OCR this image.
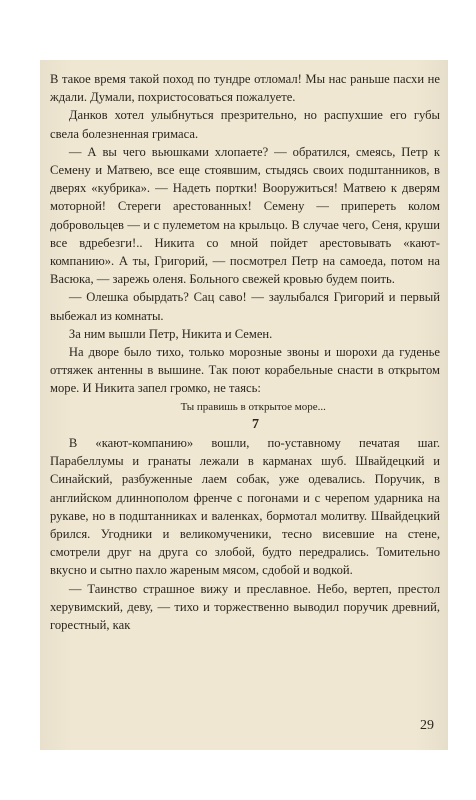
В такое время такой поход по тундре отломал! Мы нас раньше пасхи не ждали. Думали, похристосоваться пожалуете.

Данков хотел улыбнуться презрительно, но распухшие его губы свела болезненная гримаса.

— А вы чего вьюшками хлопаете? — обратился, смеясь, Петр к Семену и Матвею, все еще стоявшим, стыдясь своих подштанников, в дверях «кубрика». — Надеть портки! Вооружиться! Матвею к дверям моторной! Стереги арестованных! Семену — припереть колом добровольцев — и с пулеметом на крыльцо. В случае чего, Сеня, круши все вдребезги!.. Никита со мной пойдет арестовывать «кают-компанию». А ты, Григорий, — посмотрел Петр на самоеда, потом на Васюка, — зарежь оленя. Больного свежей кровью будем поить.

— Олешка обырдать? Сац саво! — заулыбался Григорий и первый выбежал из комнаты.

За ним вышли Петр, Никита и Семен.

На дворе было тихо, только морозные звоны и шорохи да гуденье оттяжек антенны в вышине. Так поют корабельные снасти в открытом море. И Никита запел громко, не таясь:

Ты правишь в открытое море...

7

В «кают-компанию» вошли, по-уставному печатая шаг. Парабеллумы и гранаты лежали в карманах шуб. Швайдецкий и Синайский, разбуженные лаем собак, уже одевались. Поручик, в английском длиннополом френче с погонами и с черепом ударника на рукаве, но в подштанниках и валенках, бормотал молитву. Швайдецкий брился. Угодники и великомученики, тесно висевшие на стене, смотрели друг на друга со злобой, будто передрались. Томительно вкусно и сытно пахло жареным мясом, сдобой и водкой.

— Таинство страшное вижу и преславное. Небо, вертеп, престол херувимский, деву, — тихо и торжественно выводил поручик древний, горестный, как

29
